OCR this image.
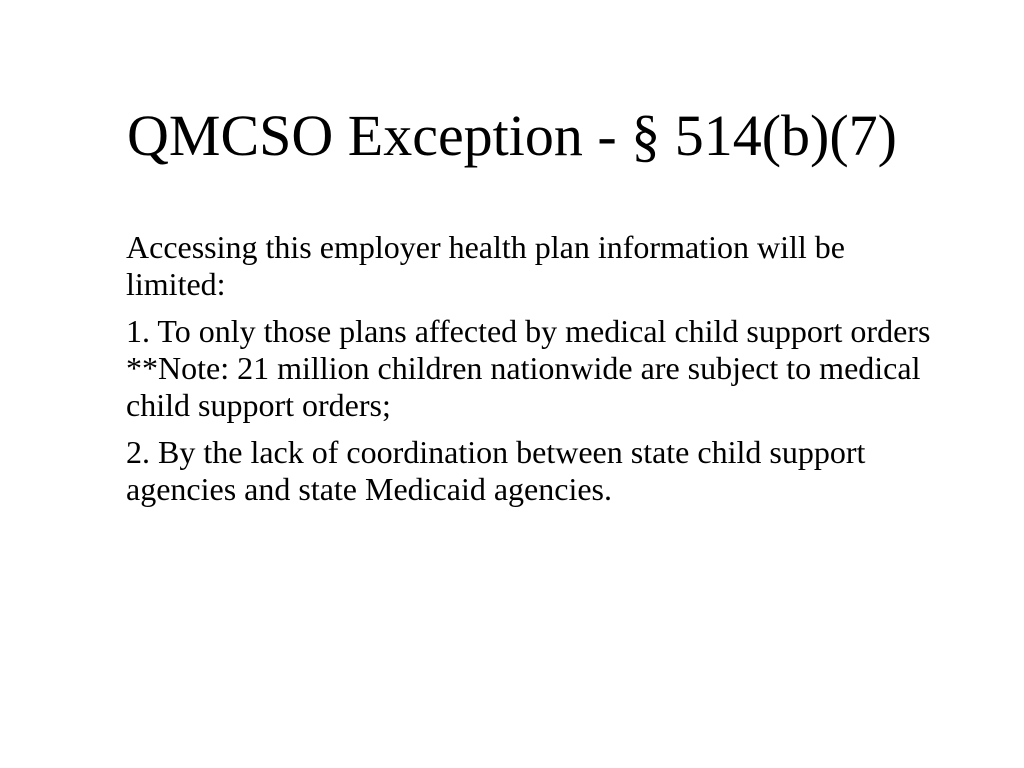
QMCSO Exception - § 514(b)(7)

Accessing this employer health plan information will be limited:

1. To only those plans affected by medical child support orders **Note: 21 million children nationwide are subject to medical child support orders;

2. By the lack of coordination between state child support agencies and state Medicaid agencies.
